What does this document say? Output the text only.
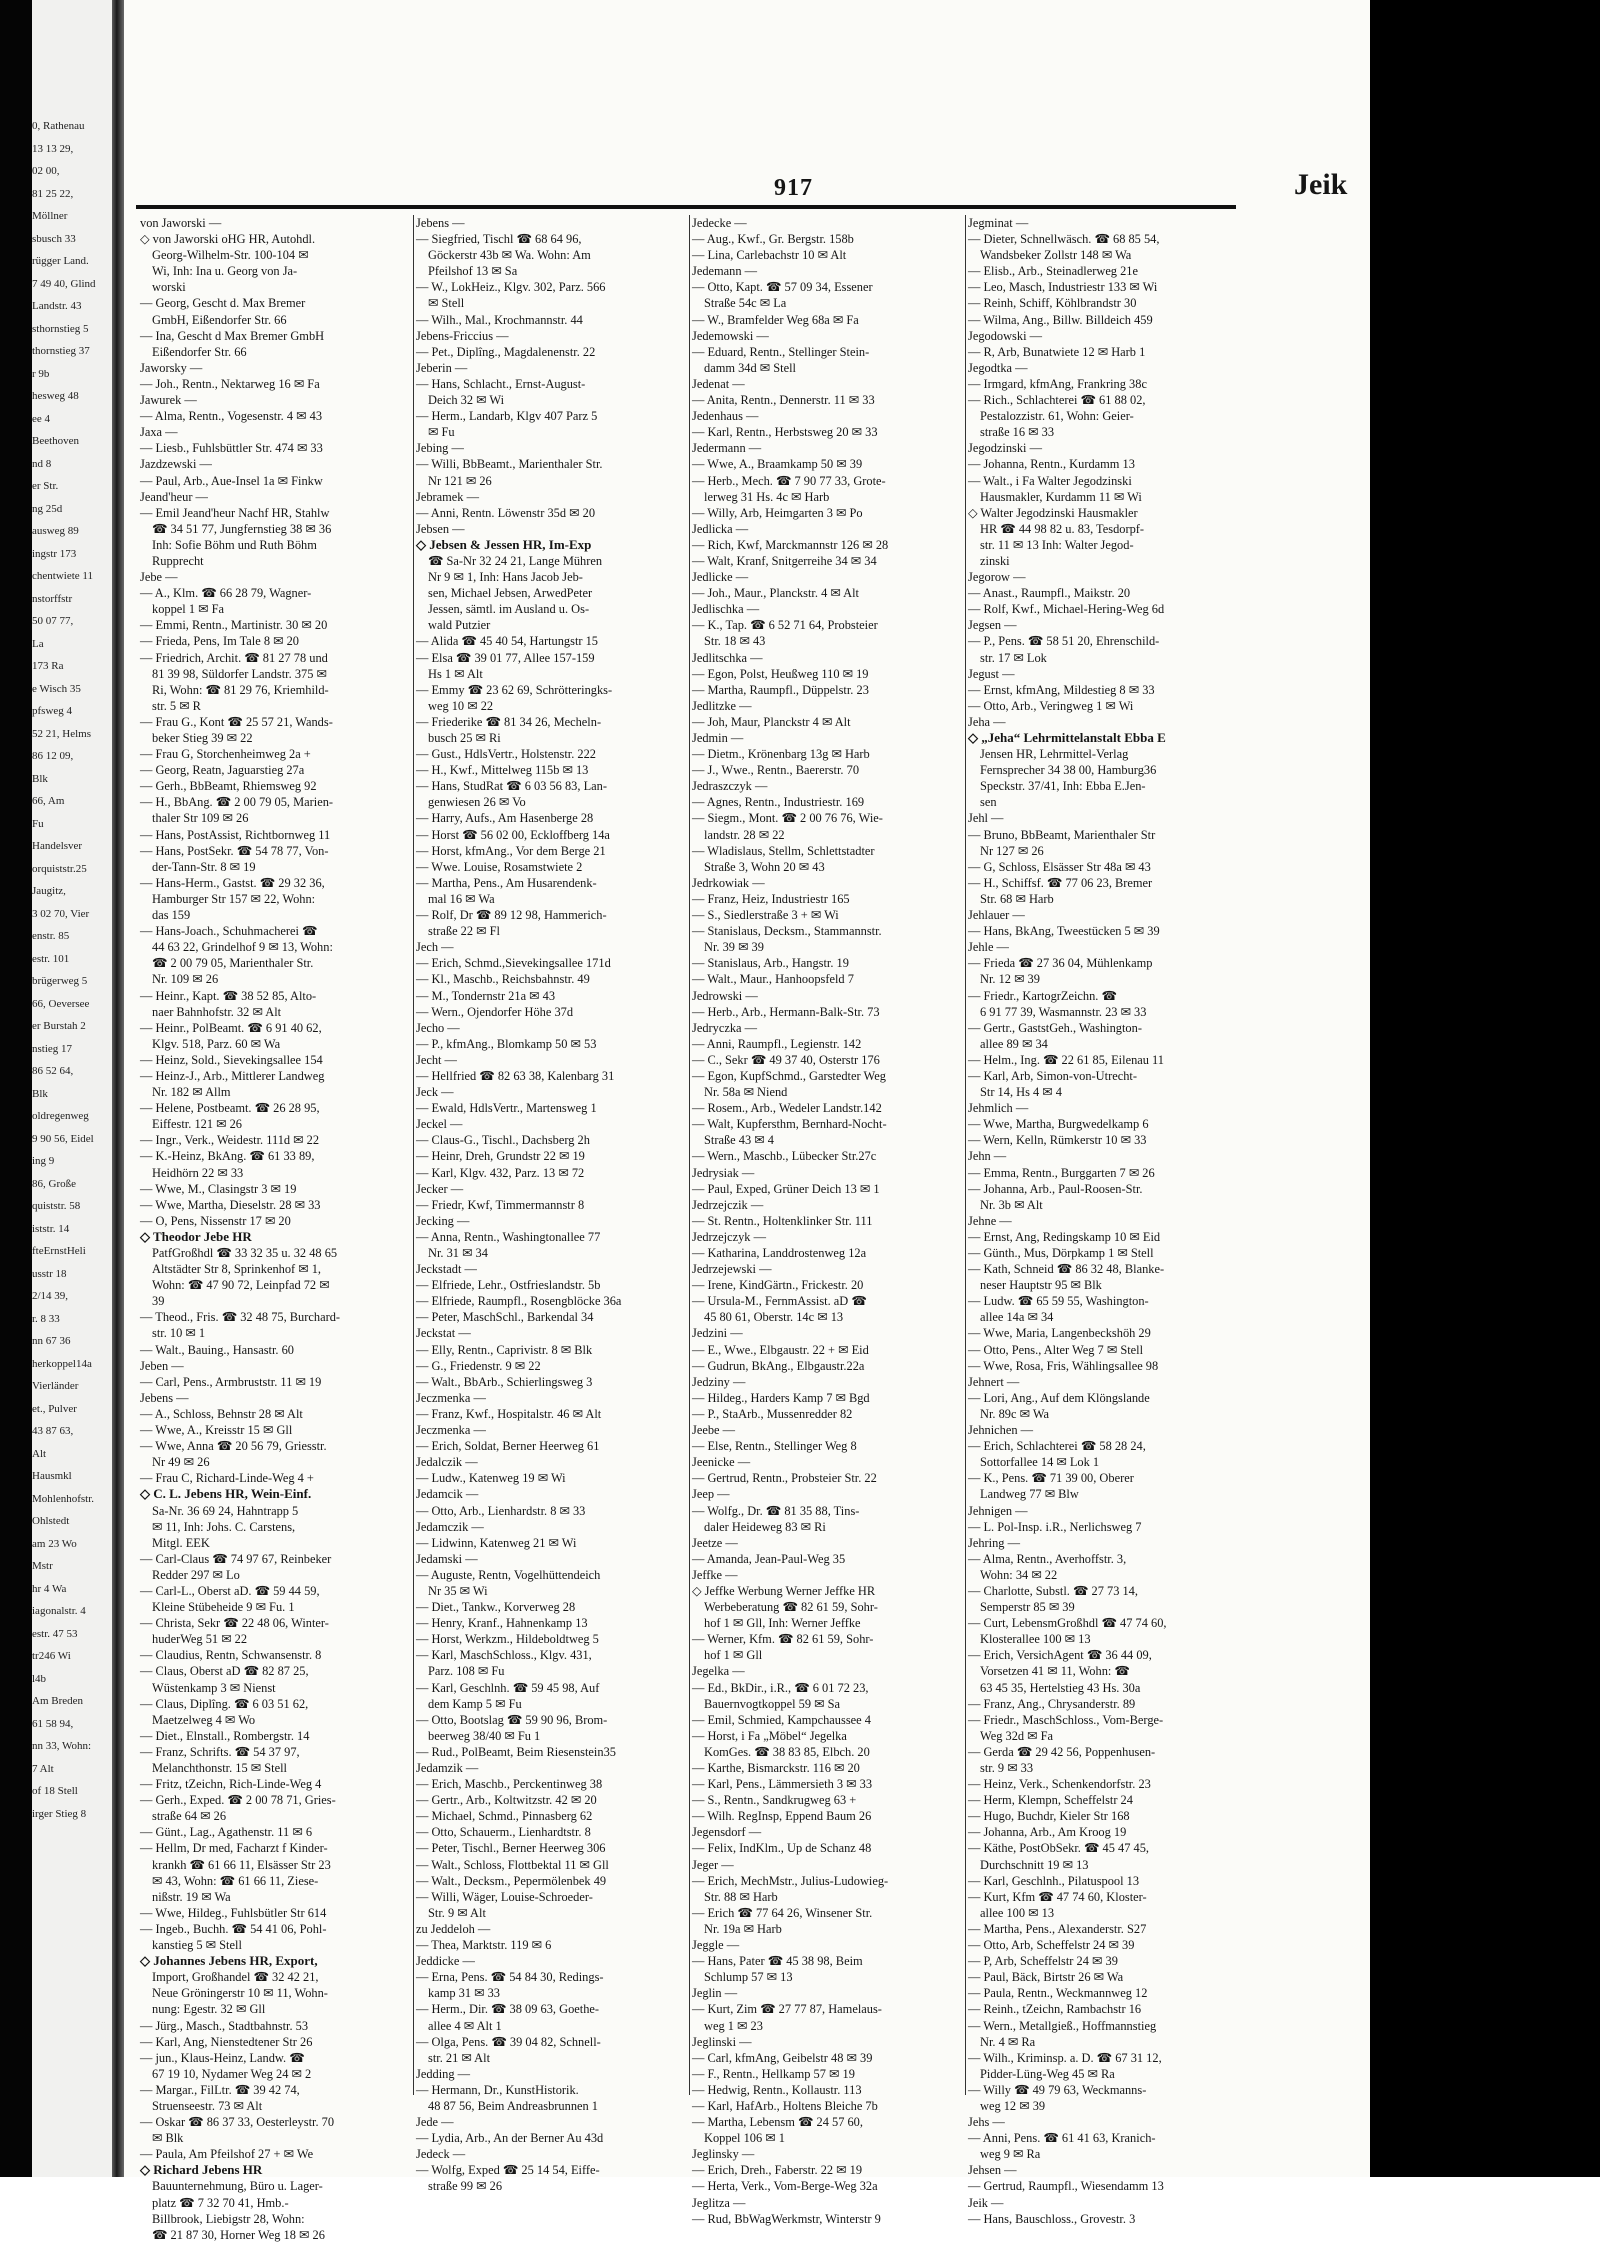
0, Rathenau
13 13 29,
02 00,
81 25 22,
Möllner
sbusch 33
rügger Land.
7 49 40, Glind
Landstr. 43
sthornstieg 5
thornstieg 37
r 9b
hesweg 48
ee 4
Beethoven
nd 8
er Str.
ng 25d
ausweg 89
ingstr 173
chentwiete 11
nstorffstr
50 07 77,
La
173 Ra
e Wisch 35
pfsweg 4
52 21, Helms
86 12 09,
Blk
66, Am
Fu
Handelsver
orquiststr.25
Jaugitz,
3 02 70, Vier
enstr. 85
estr. 101
brügerweg 5
66, Oeversee
er Burstah 2
nstieg 17
86 52 64,
Blk
oldregenweg
9 90 56, Eidel
ing 9
86, Große
quiststr. 58
iststr. 14
fteErnstHeli
usstr 18
2/14 39,
r. 8 33
nn 67 36
herkoppel14a
Vierländer
et., Pulver
43 87 63,
Alt
Hausmkl
Mohlenhofstr.
Ohlstedt
am 23 Wo
Mstr
hr 4 Wa
iagonalstr. 4
estr. 47 53
tr246 Wi
l4b
Am Breden
61 58 94,
nn 33, Wohn:
7 Alt
of 18 Stell
irger Stieg 8
917	Jeik
von Jaworski —
◇ von Jaworski oHG HR, Autohdl.
Georg-Wilhelm-Str. 100-104 ✉
Wi, Inh: Ina u. Georg von Ja-
worski
— Georg, Gescht d. Max Bremer
GmbH, Eißendorfer Str. 66
— Ina, Gescht d Max Bremer GmbH
Eißendorfer Str. 66
Jaworsky —
— Joh., Rentn., Nektarweg 16 ✉ Fa
Jawurek —
— Alma, Rentn., Vogesenstr. 4 ✉ 43
Jaxa —
— Liesb., Fuhlsbüttler Str. 474 ✉ 33
Jazdzewski —
— Paul, Arb., Aue-Insel 1a ✉ Finkw
Jeand'heur —
— Emil Jeand'heur Nachf HR, Stahlw
☎ 34 51 77, Jungfernstieg 38 ✉ 36
Inh: Sofie Böhm und Ruth Böhm
Rupprecht
Jebe —
— A., Klm. ☎ 66 28 79, Wagner-
koppel 1 ✉ Fa
— Emmi, Rentn., Martinistr. 30 ✉ 20
— Frieda, Pens, Im Tale 8 ✉ 20
— Friedrich, Archit. ☎ 81 27 78 und
81 39 98, Süldorfer Landstr. 375 ✉
Ri, Wohn: ☎ 81 29 76, Kriemhild-
str. 5 ✉ R
— Frau G., Kont ☎ 25 57 21, Wands-
beker Stieg 39 ✉ 22
— Frau G, Storchenheimweg 2a +
— Georg, Reatn, Jaguarstieg 27a
— Gerh., BbBeamt, Rhiemsweg 92
— H., BbAng. ☎ 2 00 79 05, Marien-
thaler Str 109 ✉ 26
— Hans, PostAssist, Richtbornweg 11
— Hans, PostSekr. ☎ 54 78 77, Von-
der-Tann-Str. 8 ✉ 19
— Hans-Herm., Gastst. ☎ 29 32 36,
Hamburger Str 157 ✉ 22, Wohn:
das 159
— Hans-Joach., Schuhmacherei ☎
44 63 22, Grindelhof 9 ✉ 13, Wohn:
☎ 2 00 79 05, Marienthaler Str.
Nr. 109 ✉ 26
— Heinr., Kapt. ☎ 38 52 85, Alto-
naer Bahnhofstr. 32 ✉ Alt
— Heinr., PolBeamt. ☎ 6 91 40 62,
Klgv. 518, Parz. 60 ✉ Wa
— Heinz, Sold., Sievekingsallee 154
— Heinz-J., Arb., Mittlerer Landweg
Nr. 182 ✉ Allm
— Helene, Postbeamt. ☎ 26 28 95,
Eiffestr. 121 ✉ 26
— Ingr., Verk., Weidestr. 111d ✉ 22
— K.-Heinz, BkAng. ☎ 61 33 89,
Heidhörn 22 ✉ 33
— Wwe, M., Clasingstr 3 ✉ 19
— Wwe, Martha, Dieselstr. 28 ✉ 33
— O, Pens, Nissenstr 17 ✉ 20
◇ Theodor Jebe HR
PatfGroßhdl ☎ 33 32 35 u. 32 48 65
Altstädter Str 8, Sprinkenhof ✉ 1,
Wohn: ☎ 47 90 72, Leinpfad 72 ✉
39
— Theod., Fris. ☎ 32 48 75, Burchard-
str. 10 ✉ 1
— Walt., Bauing., Hansastr. 60
Jeben —
— Carl, Pens., Armbruststr. 11 ✉ 19
Jebens —
— A., Schloss, Behnstr 28 ✉ Alt
— Wwe, A., Kreisstr 15 ✉ Gll
— Wwe, Anna ☎ 20 56 79, Griesstr.
Nr 49 ✉ 26
— Frau C, Richard-Linde-Weg 4 +
◇ C. L. Jebens HR, Wein-Einf.
Sa-Nr. 36 69 24, Hahntrapp 5
✉ 11, Inh: Johs. C. Carstens,
Mitgl. EEK
— Carl-Claus ☎ 74 97 67, Reinbeker
Redder 297 ✉ Lo
— Carl-L., Oberst aD. ☎ 59 44 59,
Kleine Stübeheide 9 ✉ Fu. 1
— Christa, Sekr ☎ 22 48 06, Winter-
huderWeg 51 ✉ 22
— Claudius, Rentn, Schwansenstr. 8
— Claus, Oberst aD ☎ 82 87 25,
Wüstenkamp 3 ✉ Nienst
— Claus, Diplîng. ☎ 6 03 51 62,
Maetzelweg 4 ✉ Wo
— Diet., Elnstall., Rombergstr. 14
— Franz, Schrifts. ☎ 54 37 97,
Melanchthonstr. 15 ✉ Stell
— Fritz, tZeichn, Rich-Linde-Weg 4
— Gerh., Exped. ☎ 2 00 78 71, Gries-
straße 64 ✉ 26
— Günt., Lag., Agathenstr. 11 ✉ 6
— Hellm, Dr med, Facharzt f Kinder-
krankh ☎ 61 66 11, Elsässer Str 23
✉ 43, Wohn: ☎ 61 66 11, Ziese-
nißstr. 19 ✉ Wa
— Wwe, Hildeg., Fuhlsbütler Str 614
— Ingeb., Buchh. ☎ 54 41 06, Pohl-
kanstieg 5 ✉ Stell
◇ Johannes Jebens HR, Export,
Import, Großhandel ☎ 32 42 21,
Neue Gröningerstr 10 ✉ 11, Wohn-
nung: Egestr. 32 ✉ Gll
— Jürg., Masch., Stadtbahnstr. 53
— Karl, Ang, Nienstedtener Str 26
— jun., Klaus-Heinz, Landw. ☎
67 19 10, Nydamer Weg 24 ✉ 2
— Margar., FilLtr. ☎ 39 42 74,
Struenseestr. 73 ✉ Alt
— Oskar ☎ 86 37 33, Oesterleystr. 70
✉ Blk
— Paula, Am Pfeilshof 27 + ✉ We
◇ Richard Jebens HR
Bauunternehmung, Büro u. Lager-
platz ☎ 7 32 70 41, Hmb.-
Billbrook, Liebigstr 28, Wohn:
☎ 21 87 30, Horner Weg 18 ✉ 26
Jebens —
— Siegfried, Tischl ☎ 68 64 96,
Göckerstr 43b ✉ Wa. Wohn: Am
Pfeilshof 13 ✉ Sa
— W., LokHeiz., Klgv. 302, Parz. 566
✉ Stell
— Wilh., Mal., Krochmannstr. 44
Jebens-Friccius —
— Pet., Diplîng., Magdalenenstr. 22
Jeberin —
— Hans, Schlacht., Ernst-August-
Deich 32 ✉ Wi
— Herm., Landarb, Klgv 407 Parz 5
✉ Fu
Jebing —
— Willi, BbBeamt., Marienthaler Str.
Nr 121 ✉ 26
Jebramek —
— Anni, Rentn. Löwenstr 35d ✉ 20
Jebsen —
◇ Jebsen & Jessen HR, Im-Exp
☎ Sa-Nr 32 24 21, Lange Mühren
Nr 9 ✉ 1, Inh: Hans Jacob Jeb-
sen, Michael Jebsen, ArwedPeter
Jessen, sämtl. im Ausland u. Os-
wald Putzier
— Alida ☎ 45 40 54, Hartungstr 15
— Elsa ☎ 39 01 77, Allee 157-159
Hs 1 ✉ Alt
— Emmy ☎ 23 62 69, Schrötteringks-
weg 10 ✉ 22
— Friederike ☎ 81 34 26, Mecheln-
busch 25 ✉ Ri
— Gust., HdlsVertr., Holstenstr. 222
— H., Kwf., Mittelweg 115b ✉ 13
— Hans, StudRat ☎ 6 03 56 83, Lan-
genwiesen 26 ✉ Vo
— Harry, Aufs., Am Hasenberge 28
— Horst ☎ 56 02 00, Eckloffberg 14a
— Horst, kfmAng., Vor dem Berge 21
— Wwe. Louise, Rosamstwiete 2
— Martha, Pens., Am Husarendenk-
mal 16 ✉ Wa
— Rolf, Dr ☎ 89 12 98, Hammerich-
straße 22 ✉ Fl
Jech —
— Erich, Schmd.,Sievekingsallee 171d
— Kl., Maschb., Reichsbahnstr. 49
— M., Tondernstr 21a ✉ 43
— Wern., Ojendorfer Höhe 37d
Jecho —
— P., kfmAng., Blomkamp 50 ✉ 53
Jecht —
— Hellfried ☎ 82 63 38, Kalenbarg 31
Jeck —
— Ewald, HdlsVertr., Martensweg 1
Jeckel —
— Claus-G., Tischl., Dachsberg 2h
— Heinr, Dreh, Grundstr 22 ✉ 19
— Karl, Klgv. 432, Parz. 13 ✉ 72
Jecker —
— Friedr, Kwf, Timmermannstr 8
Jecking —
— Anna, Rentn., Washingtonallee 77
Nr. 31 ✉ 34
Jeckstadt —
— Elfriede, Lehr., Ostfrieslandstr. 5b
— Elfriede, Raumpfl., Rosengblöcke 36a
— Peter, MaschSchl., Barkendal 34
Jeckstat —
— Elly, Rentn., Caprivistr. 8 ✉ Blk
— G., Friedenstr. 9 ✉ 22
— Walt., BbArb., Schierlingsweg 3
Jeczmenka —
— Franz, Kwf., Hospitalstr. 46 ✉ Alt
Jeczmenka —
— Erich, Soldat, Berner Heerweg 61
Jedalczik —
— Ludw., Katenweg 19 ✉ Wi
Jedamcik —
— Otto, Arb., Lienhardstr. 8 ✉ 33
Jedamczik —
— Lidwinn, Katenweg 21 ✉ Wi
Jedamski —
— Auguste, Rentn, Vogelhüttendeich
Nr 35 ✉ Wi
— Diet., Tankw., Korverweg 28
— Henry, Kranf., Hahnenkamp 13
— Horst, Werkzm., Hildeboldtweg 5
— Karl, MaschSchloss., Klgv. 431,
Parz. 108 ✉ Fu
— Karl, Geschlnh. ☎ 59 45 98, Auf
dem Kamp 5 ✉ Fu
— Otto, Bootslag ☎ 59 90 96, Brom-
beerweg 38/40 ✉ Fu 1
— Rud., PolBeamt, Beim Riesenstein35
Jedamzik —
— Erich, Maschb., Perckentinweg 38
— Gertr., Arb., Koltwitzstr. 42 ✉ 20
— Michael, Schmd., Pinnasberg 62
— Otto, Schauerm., Lienhardtstr. 8
— Peter, Tischl., Berner Heerweg 306
— Walt., Schloss, Flottbektal 11 ✉ Gll
— Walt., Decksm., Pepermölenbek 49
— Willi, Wäger, Louise-Schroeder-
Str. 9 ✉ Alt
zu Jeddeloh —
— Thea, Marktstr. 119 ✉ 6
Jeddicke —
— Erna, Pens. ☎ 54 84 30, Redings-
kamp 31 ✉ 33
— Herm., Dir. ☎ 38 09 63, Goethe-
allee 4 ✉ Alt 1
— Olga, Pens. ☎ 39 04 82, Schnell-
str. 21 ✉ Alt
Jedding —
— Hermann, Dr., KunstHistorik.
48 87 56, Beim Andreasbrunnen 1
Jede —
— Lydia, Arb., An der Berner Au 43d
Jedeck —
— Wolfg, Exped ☎ 25 14 54, Eiffe-
straße 99 ✉ 26
Jedecke —
— Aug., Kwf., Gr. Bergstr. 158b
— Lina, Carlebachstr 10 ✉ Alt
Jedemann —
— Otto, Kapt. ☎ 57 09 34, Essener
Straße 54c ✉ La
— W., Bramfelder Weg 68a ✉ Fa
Jedemowski —
— Eduard, Rentn., Stellinger Stein-
damm 34d ✉ Stell
Jedenat —
— Anita, Rentn., Dennerstr. 11 ✉ 33
Jedenhaus —
— Karl, Rentn., Herbstsweg 20 ✉ 33
Jedermann —
— Wwe, A., Braamkamp 50 ✉ 39
— Herb., Mech. ☎ 7 90 77 33, Grote-
lerweg 31 Hs. 4c ✉ Harb
— Willy, Arb, Heimgarten 3 ✉ Po
Jedlicka —
— Rich, Kwf, Marckmannstr 126 ✉ 28
— Walt, Kranf, Snitgerreihe 34 ✉ 34
Jedlicke —
— Joh., Maur., Planckstr. 4 ✉ Alt
Jedlischka —
— K., Tap. ☎ 6 52 71 64, Probsteier
Str. 18 ✉ 43
Jedlitschka —
— Egon, Polst, Heußweg 110 ✉ 19
— Martha, Raumpfl., Düppelstr. 23
Jedlitzke —
— Joh, Maur, Planckstr 4 ✉ Alt
Jedmin —
— Dietm., Krönenbarg 13g ✉ Harb
— J., Wwe., Rentn., Baererstr. 70
Jedraszczyk —
— Agnes, Rentn., Industriestr. 169
— Siegm., Mont. ☎ 2 00 76 76, Wie-
landstr. 28 ✉ 22
— Wladislaus, Stellm, Schlettstadter
Straße 3, Wohn 20 ✉ 43
Jedrkowiak —
— Franz, Heiz, Industriestr 165
— S., Siedlerstraße 3 + ✉ Wi
— Stanislaus, Decksm., Stammannstr.
Nr. 39 ✉ 39
— Stanislaus, Arb., Hangstr. 19
— Walt., Maur., Hanhoopsfeld 7
Jedrowski —
— Herb., Arb., Hermann-Balk-Str. 73
Jedryczka —
— Anni, Raumpfl., Legienstr. 142
— C., Sekr ☎ 49 37 40, Osterstr 176
— Egon, KupfSchmd., Garstedter Weg
Nr. 58a ✉ Niend
— Rosem., Arb., Wedeler Landstr.142
— Walt, Kupfersthm, Bernhard-Nocht-
Straße 43 ✉ 4
— Wern., Maschb., Lübecker Str.27c
Jedrysiak —
— Paul, Exped, Grüner Deich 13 ✉ 1
Jedrzejczik —
— St. Rentn., Holtenklinker Str. 111
Jedrzejczyk —
— Katharina, Landdrostenweg 12a
Jedrzejewski —
— Irene, KindGärtn., Frickestr. 20
— Ursula-M., FernmAssist. aD ☎
45 80 61, Oberstr. 14c ✉ 13
Jedzini —
— E., Wwe., Elbgaustr. 22 + ✉ Eid
— Gudrun, BkAng., Elbgaustr.22a
Jedziny —
— Hildeg., Harders Kamp 7 ✉ Bgd
— P., StaArb., Mussenredder 82
Jeebe —
— Else, Rentn., Stellinger Weg 8
Jeenicke —
— Gertrud, Rentn., Probsteier Str. 22
Jeep —
— Wolfg., Dr. ☎ 81 35 88, Tins-
daler Heideweg 83 ✉ Ri
Jeetze —
— Amanda, Jean-Paul-Weg 35
Jeffke —
◇ Jeffke Werbung Werner Jeffke HR
Werbeberatung ☎ 82 61 59, Sohr-
hof 1 ✉ Gll, Inh: Werner Jeffke
— Werner, Kfm. ☎ 82 61 59, Sohr-
hof 1 ✉ Gll
Jegelka —
— Ed., BkDir., i.R., ☎ 6 01 72 23,
Bauernvogtkoppel 59 ✉ Sa
— Emil, Schmied, Kampchaussee 4
— Horst, i Fa „Möbel“ Jegelka
KomGes. ☎ 38 83 85, Elbch. 20
— Karthe, Bismarckstr. 116 ✉ 20
— Karl, Pens., Lämmersieth 3 ✉ 33
— S., Rentn., Sandkrugweg 63 +
— Wilh. RegInsp, Eppend Baum 26
Jegensdorf —
— Felix, IndKlm., Up de Schanz 48
Jeger —
— Erich, MechMstr., Julius-Ludowieg-
Str. 88 ✉ Harb
— Erich ☎ 77 64 26, Winsener Str.
Nr. 19a ✉ Harb
Jeggle —
— Hans, Pater ☎ 45 38 98, Beim
Schlump 57 ✉ 13
Jeglin —
— Kurt, Zim ☎ 27 77 87, Hamelaus-
weg 1 ✉ 23
Jeglinski —
— Carl, kfmAng, Geibelstr 48 ✉ 39
— F., Rentn., Hellkamp 57 ✉ 19
— Hedwig, Rentn., Kollaustr. 113
— Karl, HafArb., Holtens Bleiche 7b
— Martha, Lebensm ☎ 24 57 60,
Koppel 106 ✉ 1
Jeglinsky —
— Erich, Dreh., Faberstr. 22 ✉ 19
— Herta, Verk., Vom-Berge-Weg 32a
Jeglitza —
— Rud, BbWagWerkmstr, Winterstr 9
Jegminat —
— Dieter, Schnellwäsch. ☎ 68 85 54,
Wandsbeker Zollstr 148 ✉ Wa
— Elisb., Arb., Steinadlerweg 21e
— Leo, Masch, Industriestr 133 ✉ Wi
— Reinh, Schiff, Köhlbrandstr 30
— Wilma, Ang., Billw. Billdeich 459
Jegodowski —
— R, Arb, Bunatwiete 12 ✉ Harb 1
Jegodtka —
— Irmgard, kfmAng, Frankring 38c
— Rich., Schlachterei ☎ 61 88 02,
Pestalozzistr. 61, Wohn: Geier-
straße 16 ✉ 33
Jegodzinski —
— Johanna, Rentn., Kurdamm 13
— Walt., i Fa Walter Jegodzinski
Hausmakler, Kurdamm 11 ✉ Wi
◇ Walter Jegodzinski Hausmakler
HR ☎ 44 98 82 u. 83, Tesdorpf-
str. 11 ✉ 13 Inh: Walter Jegod-
zinski
Jegorow —
— Anast., Raumpfl., Maikstr. 20
— Rolf, Kwf., Michael-Hering-Weg 6d
Jegsen —
— P., Pens. ☎ 58 51 20, Ehrenschild-
str. 17 ✉ Lok
Jegust —
— Ernst, kfmAng, Mildestieg 8 ✉ 33
— Otto, Arb., Veringweg 1 ✉ Wi
Jeha —
◇ „Jeha“ Lehrmittelanstalt Ebba E
Jensen HR, Lehrmittel-Verlag
Fernsprecher 34 38 00, Hamburg36
Speckstr. 37/41, Inh: Ebba E.Jen-
sen
Jehl —
— Bruno, BbBeamt, Marienthaler Str
Nr 127 ✉ 26
— G, Schloss, Elsässer Str 48a ✉ 43
— H., Schiffsf. ☎ 77 06 23, Bremer
Str. 68 ✉ Harb
Jehlauer —
— Hans, BkAng, Tweestücken 5 ✉ 39
Jehle —
— Frieda ☎ 27 36 04, Mühlenkamp
Nr. 12 ✉ 39
— Friedr., KartogrZeichn. ☎
6 91 77 39, Wasmannstr. 23 ✉ 33
— Gertr., GaststGeh., Washington-
allee 89 ✉ 34
— Helm., Ing. ☎ 22 61 85, Eilenau 11
— Karl, Arb, Simon-von-Utrecht-
Str 14, Hs 4 ✉ 4
Jehmlich —
— Wwe, Martha, Burgwedelkamp 6
— Wern, Kelln, Rümkerstr 10 ✉ 33
Jehn —
— Emma, Rentn., Burggarten 7 ✉ 26
— Johanna, Arb., Paul-Roosen-Str.
Nr. 3b ✉ Alt
Jehne —
— Ernst, Ang, Redingskamp 10 ✉ Eid
— Günth., Mus, Dörpkamp 1 ✉ Stell
— Kath, Schneid ☎ 86 32 48, Blanke-
neser Hauptstr 95 ✉ Blk
— Ludw. ☎ 65 59 55, Washington-
allee 14a ✉ 34
— Wwe, Maria, Langenbeckshöh 29
— Otto, Pens., Alter Weg 7 ✉ Stell
— Wwe, Rosa, Fris, Wählingsallee 98
Jehnert —
— Lori, Ang., Auf dem Klöngslande
Nr. 89c ✉ Wa
Jehnichen —
— Erich, Schlachterei ☎ 58 28 24,
Sottorfallee 14 ✉ Lok 1
— K., Pens. ☎ 71 39 00, Oberer
Landweg 77 ✉ Blw
Jehnigen —
— L. Pol-Insp. i.R., Nerlichsweg 7
Jehring —
— Alma, Rentn., Averhoffstr. 3,
Wohn: 34 ✉ 22
— Charlotte, Substl. ☎ 27 73 14,
Semperstr 85 ✉ 39
— Curt, LebensmGroßhdl ☎ 47 74 60,
Klosterallee 100 ✉ 13
— Erich, VersichAgent ☎ 36 44 09,
Vorsetzen 41 ✉ 11, Wohn: ☎
63 45 35, Hertelstieg 43 Hs. 30a
— Franz, Ang., Chrysanderstr. 89
— Friedr., MaschSchloss., Vom-Berge-
Weg 32d ✉ Fa
— Gerda ☎ 29 42 56, Poppenhusen-
str. 9 ✉ 33
— Heinz, Verk., Schenkendorfstr. 23
— Herm, Klempn, Scheffelstr 24
— Hugo, Buchdr, Kieler Str 168
— Johanna, Arb., Am Kroog 19
— Käthe, PostObSekr. ☎ 45 47 45,
Durchschnitt 19 ✉ 13
— Karl, Geschlnh., Pilatuspool 13
— Kurt, Kfm ☎ 47 74 60, Kloster-
allee 100 ✉ 13
— Martha, Pens., Alexanderstr. S27
— Otto, Arb, Scheffelstr 24 ✉ 39
— P, Arb, Scheffelstr 24 ✉ 39
— Paul, Bäck, Birtstr 26 ✉ Wa
— Paula, Rentn., Weckmannweg 12
— Reinh., tZeichn, Rambachstr 16
— Wern., Metallgieß., Hoffmannstieg
Nr. 4 ✉ Ra
— Wilh., Kriminsp. a. D. ☎ 67 31 12,
Pidder-Lüng-Weg 45 ✉ Ra
— Willy ☎ 49 79 63, Weckmanns-
weg 12 ✉ 39
Jehs —
— Anni, Pens. ☎ 61 41 63, Kranich-
weg 9 ✉ Ra
Jehsen —
— Gertrud, Raumpfl., Wiesendamm 13
Jeik —
— Hans, Bauschloss., Grovestr. 3
